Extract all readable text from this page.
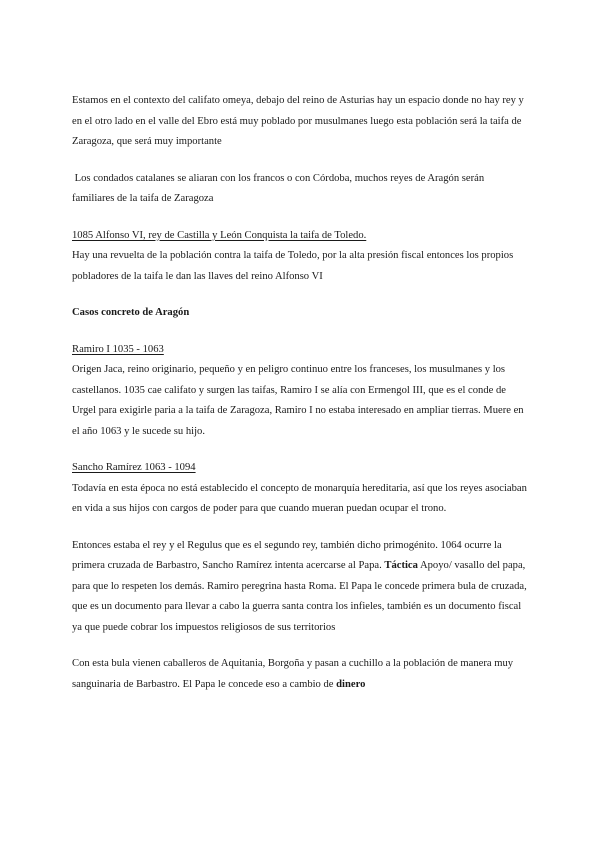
Estamos en el contexto del califato omeya, debajo del reino de Asturias hay un espacio donde no hay rey y en el otro lado en el valle del Ebro está muy poblado por musulmanes luego esta población será la taifa de Zaragoza, que será muy importante

Los condados catalanes se aliaran con los francos o con Córdoba, muchos reyes de Aragón serán familiares de la taifa de Zaragoza

1085 Alfonso VI, rey de Castilla y León Conquista la taifa de Toledo.
Hay una revuelta de la población contra la taifa de Toledo, por la alta presión fiscal entonces los propios pobladores de la taifa le dan las llaves del reino Alfonso VI

Casos concreto de Aragón

Ramiro I 1035 - 1063
Origen Jaca, reino originario, pequeño y en peligro continuo entre los franceses, los musulmanes y los castellanos. 1035 cae califato y surgen las taifas, Ramiro I se alía con Ermengol III, que es el conde de Urgel para exigirle paria a la taifa de Zaragoza, Ramiro I no estaba interesado en ampliar tierras. Muere en el año 1063 y le sucede su hijo.

Sancho Ramírez 1063 - 1094
Todavía en esta época no está establecido el concepto de monarquía hereditaria, así que los reyes asociaban en vida a sus hijos con cargos de poder para que cuando mueran puedan ocupar el trono.

Entonces estaba el rey y el Regulus que es el segundo rey, también dicho primogénito. 1064 ocurre la primera cruzada de Barbastro, Sancho Ramírez intenta acercarse al Papa. Táctica Apoyo/ vasallo del papa, para que lo respeten los demás. Ramiro peregrina hasta Roma. El Papa le concede primera bula de cruzada, que es un documento para llevar a cabo la guerra santa contra los infieles, también es un documento fiscal ya que puede cobrar los impuestos religiosos de sus territorios

Con esta bula vienen caballeros de Aquitania, Borgoña y pasan a cuchillo a la población de manera muy sanguinaria de Barbastro. El Papa le concede eso a cambio de dinero
